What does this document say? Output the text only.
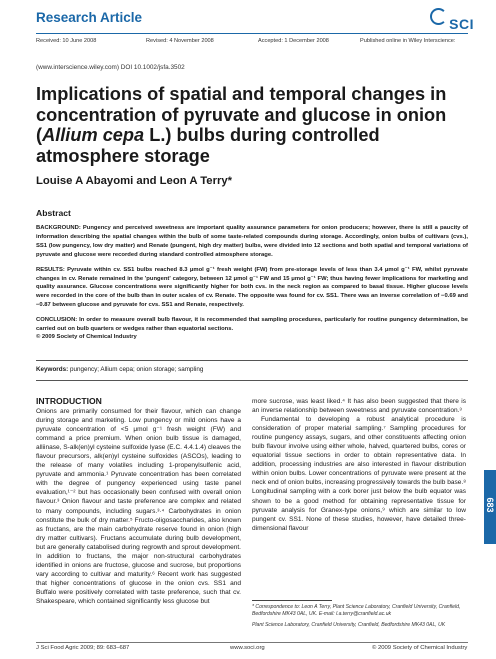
Research Article	SCI
Received: 10 June 2008	Revised: 4 November 2008	Accepted: 1 December 2008	Published online in Wiley Interscience:
(www.interscience.wiley.com) DOI 10.1002/jsfa.3502
Implications of spatial and temporal changes in concentration of pyruvate and glucose in onion (Allium cepa L.) bulbs during controlled atmosphere storage
Louise A Abayomi and Leon A Terry*
Abstract

BACKGROUND: Pungency and perceived sweetness are important quality assurance parameters for onion producers; however, there is still a paucity of information describing the spatial changes within the bulb of some taste-related compounds during storage. Accordingly, onion bulbs of cultivars (cvs.), SS1 (low pungency, low dry matter) and Renate (pungent, high dry matter) bulbs, were divided into 12 sections and both spatial and temporal variations of pyruvate and glucose were recorded during standard controlled atmosphere storage.

RESULTS: Pyruvate within cv. SS1 bulbs reached 8.3 μmol g⁻¹ fresh weight (FW) from pre-storage levels of less than 3.4 μmol g⁻¹ FW, whilst pyruvate changes in cv. Renate remained in the 'pungent' category, between 12 μmol g⁻¹ FW and 15 μmol g⁻¹ FW; thus having fewer implications for marketing and quality assurance. Glucose concentrations were significantly higher for both cvs. in the neck region as compared to basal tissue. Higher glucose levels were recorded in the core of the bulb than in outer scales of cv. Renate. The opposite was found for cv. SS1. There was an inverse correlation of −0.69 and −0.87 between glucose and pyruvate for cvs. SS1 and Renate, respectively.

CONCLUSION: In order to measure overall bulb flavour, it is recommended that sampling procedures, particularly for routine pungency determination, be carried out on bulb quarters or wedges rather than equatorial sections.

© 2009 Society of Chemical Industry
Keywords: pungency; Allium cepa; onion storage; sampling
INTRODUCTION

Onions are primarily consumed for their flavour, which can change during storage and marketing. Low pungency or mild onions have a pyruvate concentration of <5 μmol g⁻¹ fresh weight (FW) and command a price premium. When onion bulb tissue is damaged, alliinase, S-alk(en)yl cysteine sulfoxide lyase (E.C. 4.4.1.4) cleaves the flavour precursors, alk(en)yl cysteine sulfoxides (ASCOs), leading to the release of many volatiles including 1-propenylsulfenic acid, pyruvate and ammonia.¹ Pyruvate concentration has been correlated with the degree of pungency experienced using taste panel evaluation,¹⁻² but has occasionally been confused with overall onion flavour.³ Onion flavour and taste preference are complex and related to many compounds, including sugars.³·⁴ Carbohydrates in onion constitute the bulk of dry matter.⁵ Fructo-oligosaccharides, also known as fructans, are the main carbohydrate reserve found in onion (high dry matter cultivars). Fructans accumulate during bulb development, but are generally catabolised during regrowth and sprout development. In addition to fructans, the major non-structural carbohydrates identified in onions are fructose, glucose and sucrose, but proportions vary according to cultivar and maturity.⁶ Recent work has suggested that higher concentrations of glucose in the onion cvs. SS1 and Buffalo were positively correlated with taste preference, such that cv. Shakespeare, which contained significantly less glucose but

more sucrose, was least liked.⁴ It has also been suggested that there is an inverse relationship between sweetness and pyruvate concentration.³

Fundamental to developing a robust analytical procedure is consideration of proper material sampling.⁷ Sampling procedures for routine pungency assays, sugars, and other constituents affecting onion bulb flavour involve using either whole, halved, quartered bulbs, cores or equatorial tissue sections in order to obtain representative data. In addition, processing industries are also interested in flavour distribution within onion bulbs. Lower concentrations of pyruvate were present at the neck end of onion bulbs, increasing progressively towards the bulb base.⁸ Longitudinal sampling with a cork borer just below the bulb equator was shown to be a good method for obtaining representative tissue for pyruvate analysis for Granex-type onions,⁹ which are similar to low pungent cv. SS1. None of these studies, however, have detailed three-dimensional flavour

* Correspondence to: Leon A Terry, Plant Science Laboratory, Cranfield University, Cranfield, Bedfordshire MK43 0AL, UK. E-mail: l.a.terry@cranfield.ac.uk
Plant Science Laboratory, Cranfield University, Cranfield, Bedfordshire MK43 0AL, UK
J Sci Food Agric 2009; 89: 683–687	www.soci.org	© 2009 Society of Chemical Industry
683
